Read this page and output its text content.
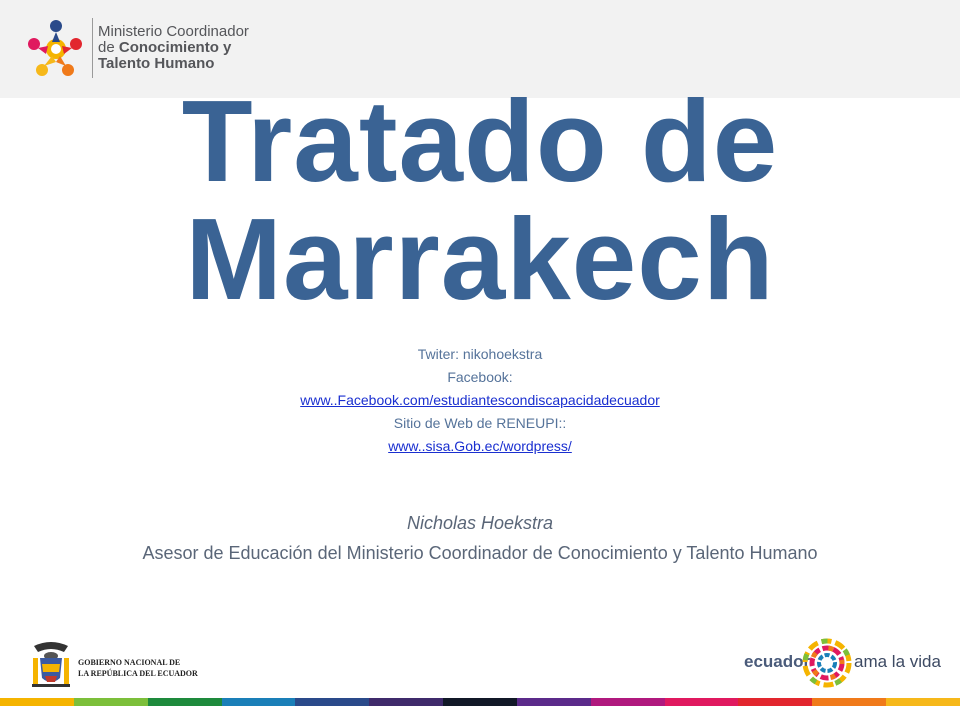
Ministerio Coordinador
de Conocimiento y
Talento Humano
Tratado de
Marrakech
Twiter: nikohoekstra
Facebook:
www..Facebook.com/estudiantescondiscapacidadecuador
Sitio de Web de RENEUPI::
www..sisa.Gob.ec/wordpress/
Nicholas Hoekstra
Asesor de Educación del Ministerio Coordinador de Conocimiento y Talento Humano
GOBIERNO NACIONAL DE
LA REPÚBLICA DEL ECUADOR
ecuador	ama la vida
